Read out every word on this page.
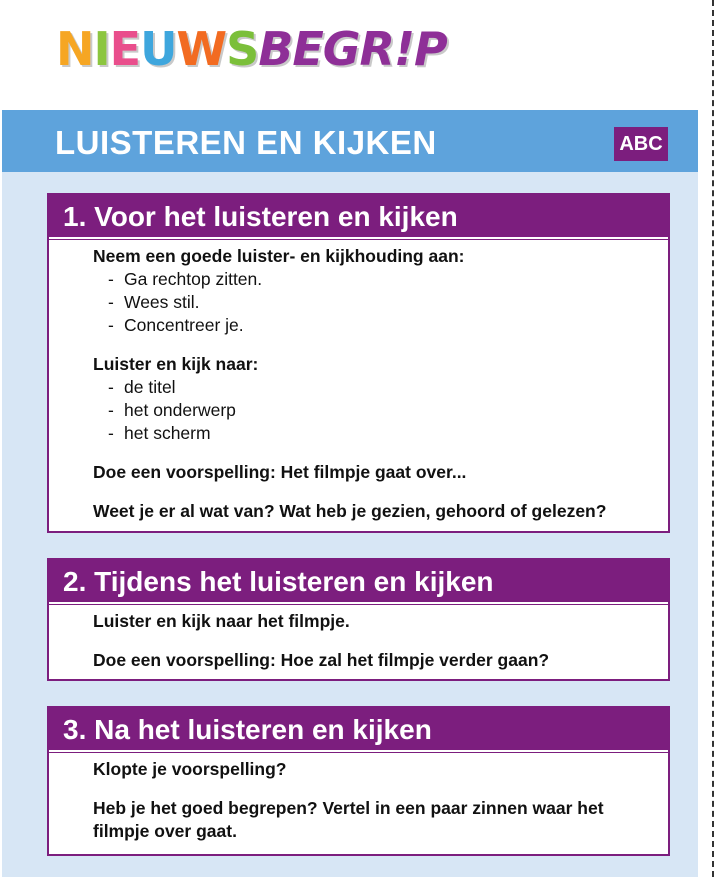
NIEUWSBEGR!P
LUISTEREN EN KIJKEN	ABC
1. Voor het luisteren en kijken
Neem een goede luister- en kijkhouding aan:
- Ga rechtop zitten.
- Wees stil.
- Concentreer je.
Luister en kijk naar:
- de titel
- het onderwerp
- het scherm
Doe een voorspelling: Het filmpje gaat over...
Weet je er al wat van? Wat heb je gezien, gehoord of gelezen?
2. Tijdens het luisteren en kijken
Luister en kijk naar het filmpje.
Doe een voorspelling: Hoe zal het filmpje verder gaan?
3. Na het luisteren en kijken
Klopte je voorspelling?
Heb je het goed begrepen? Vertel in een paar zinnen waar het filmpje over gaat.
